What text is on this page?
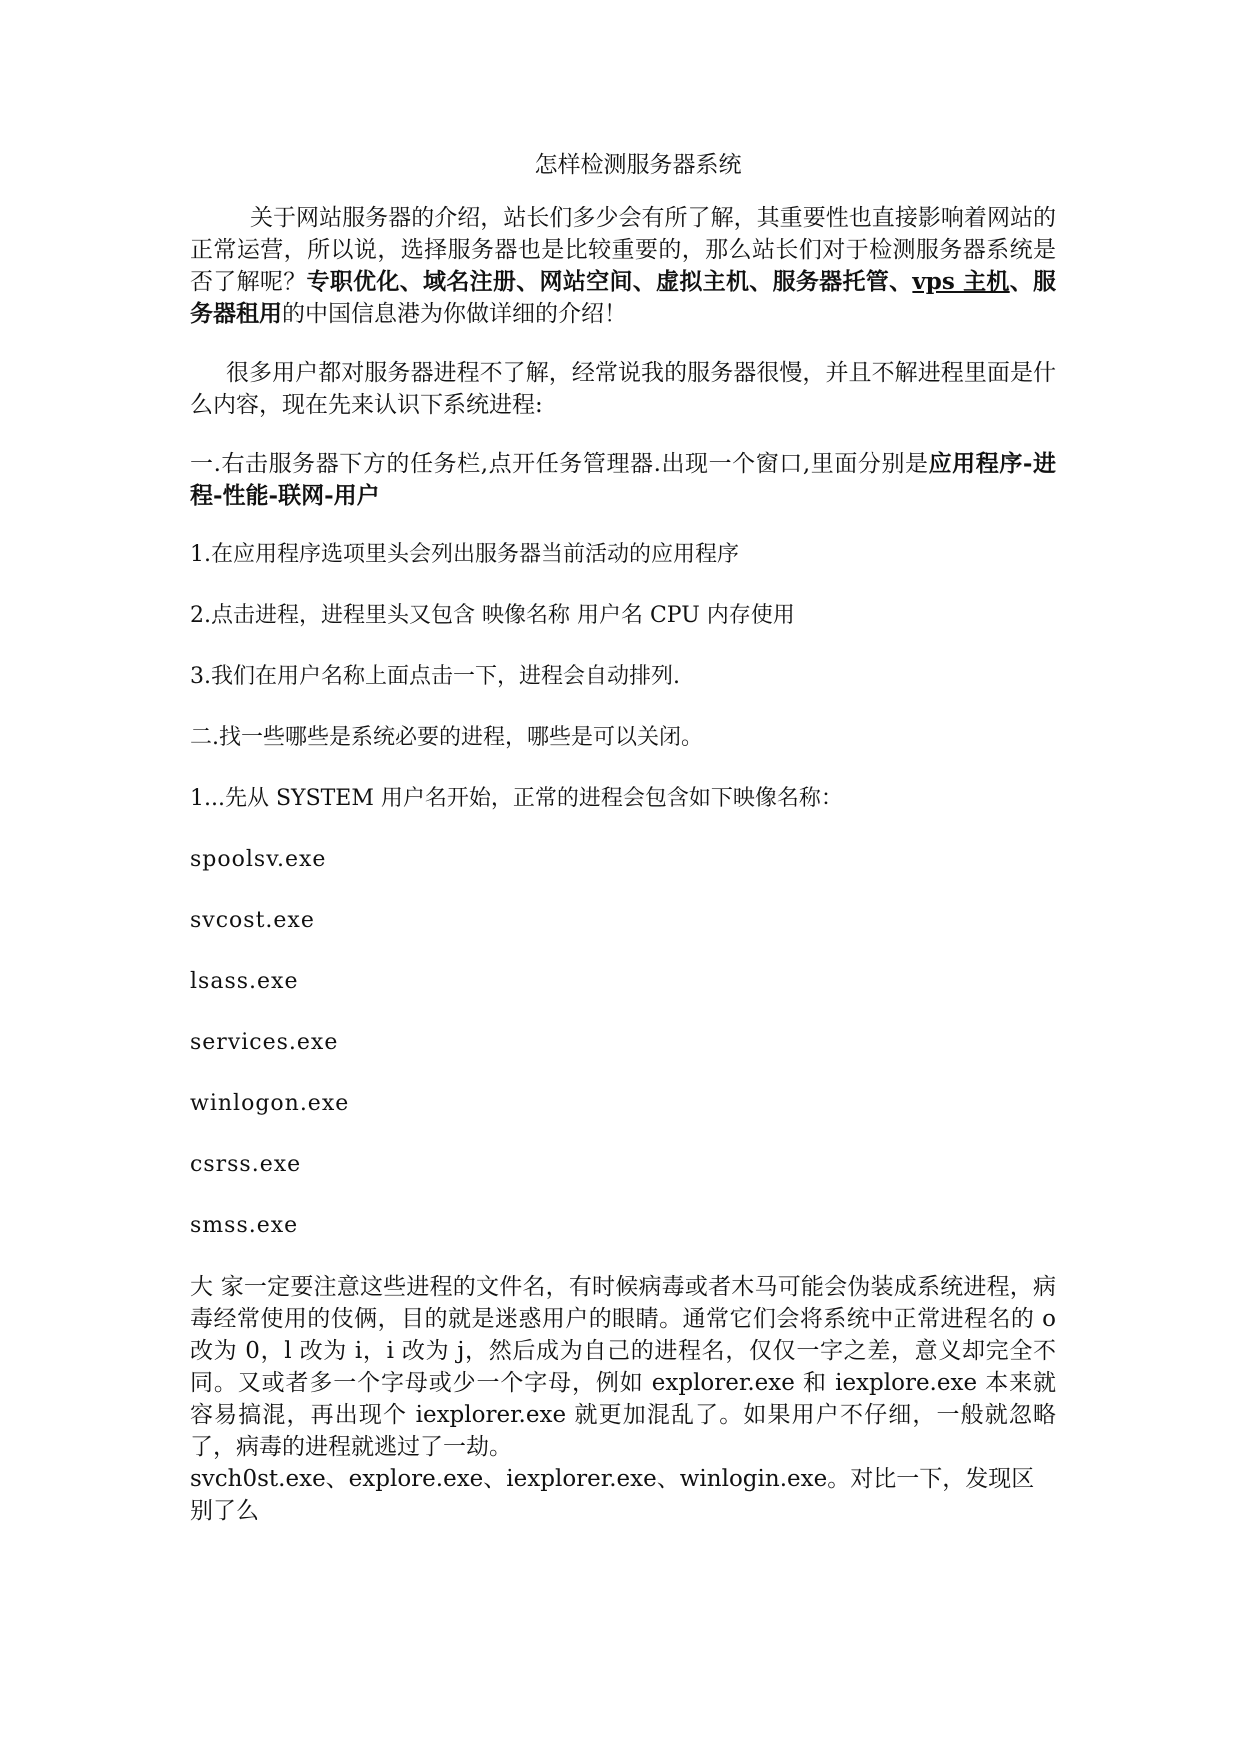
怎样检测服务器系统

关于网站服务器的介绍，站长们多少会有所了解，其重要性也直接影响着网站的正常运营，所以说，选择服务器也是比较重要的，那么站长们对于检测服务器系统是否了解呢？专职优化、域名注册、网站空间、虚拟主机、服务器托管、vps 主机、服务器租用的中国信息港为你做详细的介绍！

很多用户都对服务器进程不了解，经常说我的服务器很慢，并且不解进程里面是什么内容，现在先来认识下系统进程:

一.右击服务器下方的任务栏,点开任务管理器.出现一个窗口,里面分别是应用程序-进程-性能-联网-用户

1.在应用程序选项里头会列出服务器当前活动的应用程序
2.点击进程，进程里头又包含 映像名称 用户名 CPU 内存使用
3.我们在用户名称上面点击一下，进程会自动排列.
二.找一些哪些是系统必要的进程，哪些是可以关闭。
1...先从 SYSTEM 用户名开始，正常的进程会包含如下映像名称：
spoolsv.exe
svcost.exe
lsass.exe
services.exe
winlogon.exe
csrss.exe
smss.exe

大 家一定要注意这些进程的文件名，有时候病毒或者木马可能会伪装成系统进程，病毒经常使用的伎俩，目的就是迷惑用户的眼睛。通常它们会将系统中正常进程名的 o 改为 0，l 改为 i，i 改为 j，然后成为自己的进程名，仅仅一字之差，意义却完全不同。又或者多一个字母或少一个字母，例如 explorer.exe 和 iexplore.exe 本来就容易搞混，再出现个 iexplorer.exe 就更加混乱了。如果用户不仔细，一般就忽略了，病毒的进程就逃过了一劫。

svch0st.exe、explore.exe、iexplorer.exe、winlogin.exe。对比一下，发现区别了么
